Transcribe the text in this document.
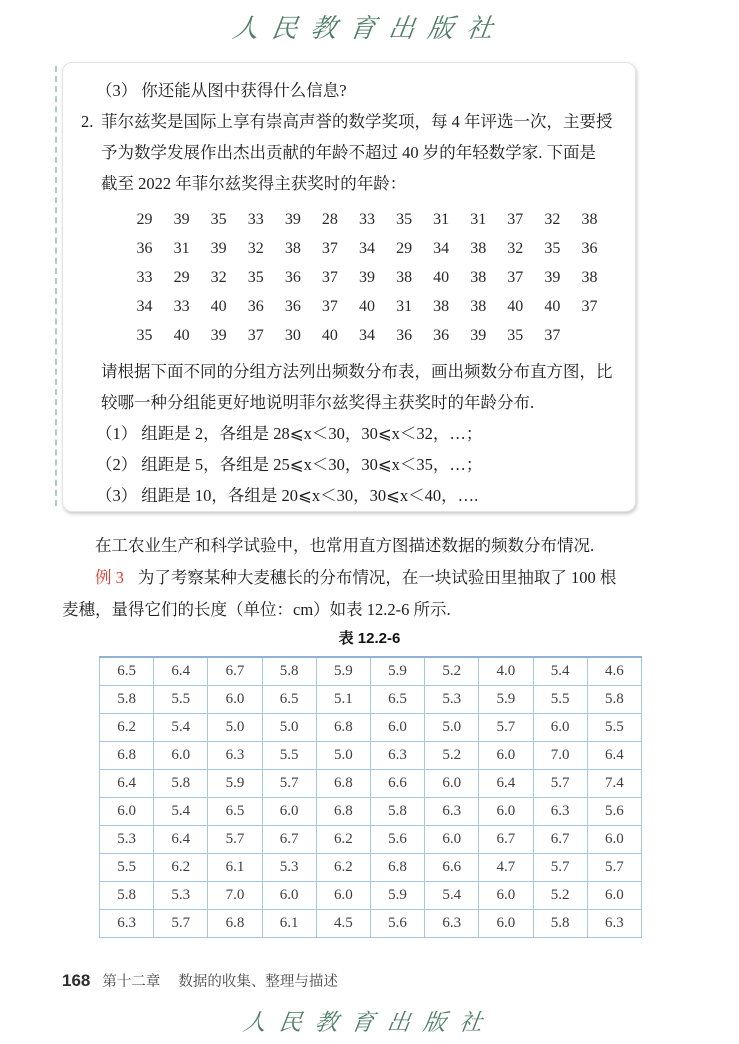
人民教育出版社
（3） 你还能从图中获得什么信息?
2. 菲尔兹奖是国际上享有崇高声誉的数学奖项，每 4 年评选一次，主要授
予为数学发展作出杰出贡献的年龄不超过 40 岁的年轻数学家. 下面是
截至 2022 年菲尔兹奖得主获奖时的年龄：
29	39	35	33	39	28	33	35	31	31	37	32	38
36	31	39	32	38	37	34	29	34	38	32	35	36
33	29	32	35	36	37	39	38	40	38	37	39	38
34	33	40	36	36	37	40	31	38	38	40	40	37
35	40	39	37	30	40	34	36	36	39	35	37
请根据下面不同的分组方法列出频数分布表，画出频数分布直方图，比
较哪一种分组能更好地说明菲尔兹奖得主获奖时的年龄分布.
（1） 组距是 2，各组是 28⩽x＜30，30⩽x＜32，…；
（2） 组距是 5，各组是 25⩽x＜30，30⩽x＜35，…；
（3） 组距是 10，各组是 20⩽x＜30，30⩽x＜40，….

在工农业生产和科学试验中，也常用直方图描述数据的频数分布情况.

例 3 为了考察某种大麦穗长的分布情况，在一块试验田里抽取了 100 根
麦穗，量得它们的长度（单位：cm）如表 12.2-6 所示.
表 12.2-6
6.5	6.4	6.7	5.8	5.9	5.9	5.2	4.0	5.4	4.6
5.8	5.5	6.0	6.5	5.1	6.5	5.3	5.9	5.5	5.8
6.2	5.4	5.0	5.0	6.8	6.0	5.0	5.7	6.0	5.5
6.8	6.0	6.3	5.5	5.0	6.3	5.2	6.0	7.0	6.4
6.4	5.8	5.9	5.7	6.8	6.6	6.0	6.4	5.7	7.4
6.0	5.4	6.5	6.0	6.8	5.8	6.3	6.0	6.3	5.6
5.3	6.4	5.7	6.7	6.2	5.6	6.0	6.7	6.7	6.0
5.5	6.2	6.1	5.3	6.2	6.8	6.6	4.7	5.7	5.7
5.8	5.3	7.0	6.0	6.0	5.9	5.4	6.0	5.2	6.0
6.3	5.7	6.8	6.1	4.5	5.6	6.3	6.0	5.8	6.3
168 第十二章 数据的收集、整理与描述
人民教育出版社
